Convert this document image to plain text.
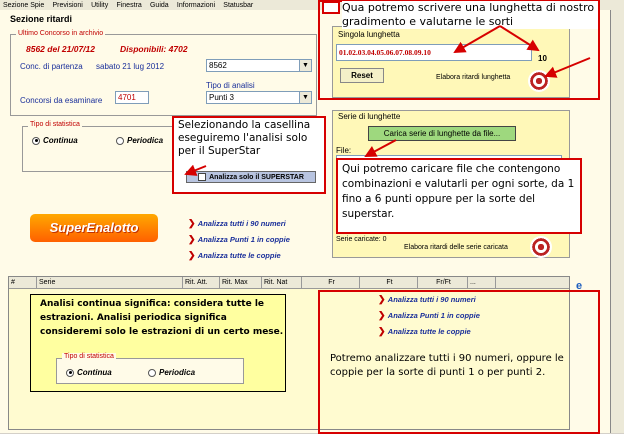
Sezione Spie Previsioni Utility Finestra Guida Informazioni Statusbar
Sezione ritardi
Ultimo Concorso in archivio
8562 del 21/07/12	Disponibili: 4702
Conc. di partenza sabato 21 lug 2012	8562	▼
Tipo di analisi
Punti 3	▼
Concorsi da esaminare	4701
Tipo di statistica
Continua	Periodica
Selezionando la casellina eseguiremo l'analisi solo per il SuperStar
Analizza solo il SUPERSTAR
SuperEnalotto	❯ Analizza tutti i 90 numeri
❯ Analizza Punti 1 in coppie
❯ Analizza tutte le coppie
Singola lunghetta
01.02.03.04.05.06.07.08.09.10
10
Reset	Elabora ritardi lunghetta
Qua potremo scrivere una lunghetta di nostro gradimento e valutarne le sorti
Serie di lunghette
Carica serie di lunghette da file...
File:
Serie caricate: 0
Elabora ritardi delle serie caricata
Qui potremo caricare file che contengono combinazioni e valutarli per ogni sorte, da 1 fino a 6 punti oppure per la sorte del superstar.
#	Serie	Rit. Att.	Rit. Max	Rit. Nat	Fr	Ft	Fr/Ft	...	e
Analisi continua significa: considera tutte le estrazioni. Analisi periodica significa consideremi solo le estrazioni di un certo mese.
Tipo di statistica
Continua	Periodica
❯ Analizza tutti i 90 numeri
❯ Analizza Punti 1 in coppie
❯ Analizza tutte le coppie
Potremo analizzare tutti i 90 numeri, oppure le coppie per la sorte di punti 1 o per punti 2.
